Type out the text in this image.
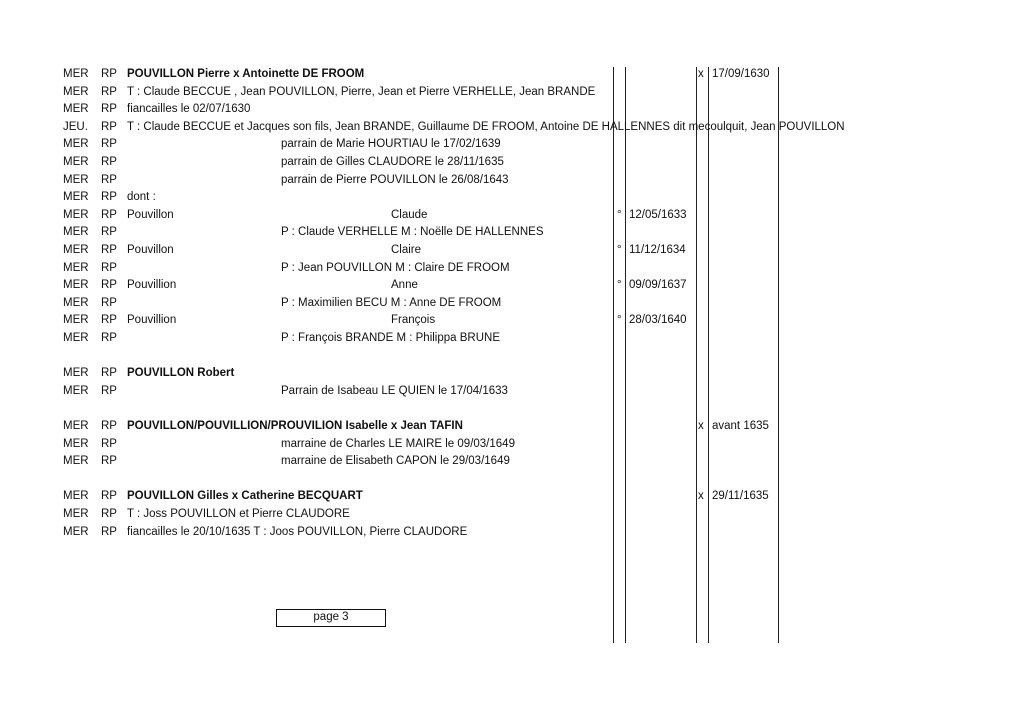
MER RP POUVILLON Pierre x Antoinette DE FROOM	x 17/09/1630
MER RP T : Claude BECCUE , Jean POUVILLON, Pierre, Jean et Pierre VERHELLE, Jean BRANDE
MER RP fiancailles le 02/07/1630
JEU. RP T : Claude BECCUE et Jacques son fils, Jean BRANDE, Guillaume DE FROOM, Antoine DE HALLENNES dit mecoulquit, Jean POUVILLON
MER RP	parrain de Marie HOURTIAU le 17/02/1639
MER RP	parrain de Gilles CLAUDORE le 28/11/1635
MER RP	parrain de Pierre POUVILLON le 26/08/1643
MER RP dont :
MER RP Pouvillon	Claude	° 12/05/1633
MER RP	P : Claude VERHELLE M : Noëlle DE HALLENNES
MER RP Pouvillon	Claire	° 11/12/1634
MER RP	P : Jean POUVILLON M : Claire DE FROOM
MER RP Pouvillion	Anne	° 09/09/1637
MER RP	P : Maximilien BECU M : Anne DE FROOM
MER RP Pouvillion	François	° 28/03/1640
MER RP	P : François BRANDE M : Philippa BRUNE
MER RP POUVILLON Robert
MER RP	Parrain de Isabeau LE QUIEN le 17/04/1633
MER RP POUVILLON/POUVILLION/PROUVILION Isabelle x Jean TAFIN	x avant 1635
MER RP	marraine de Charles LE MAIRE le 09/03/1649
MER RP	marraine de Elisabeth CAPON le 29/03/1649
MER RP POUVILLON Gilles x Catherine BECQUART	x 29/11/1635
MER RP T : Joss POUVILLON et Pierre CLAUDORE
MER RP fiancailles le 20/10/1635 T : Joos POUVILLON, Pierre CLAUDORE
page 3
